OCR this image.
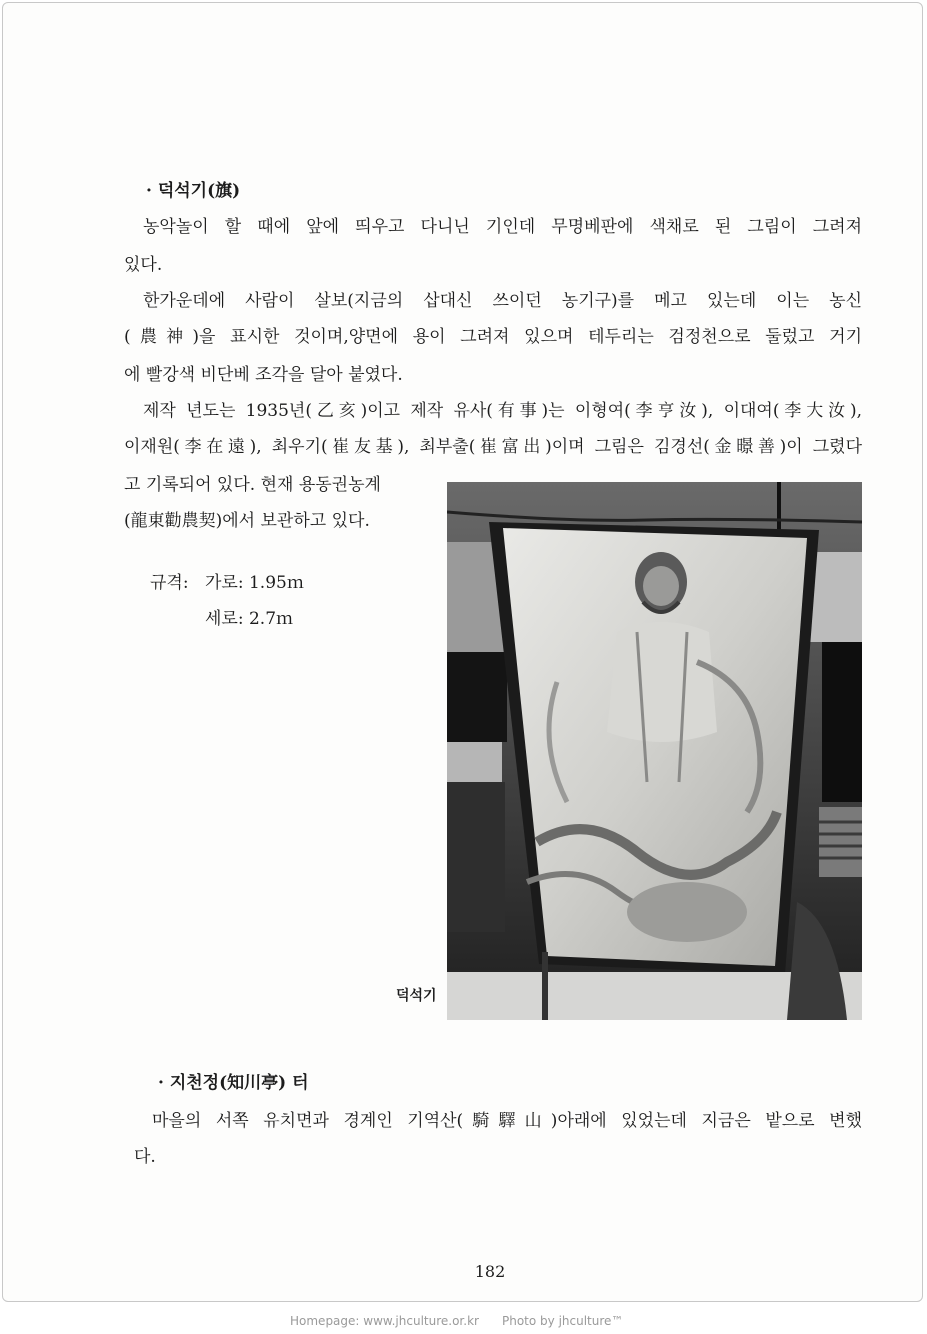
· 덕석기(旗)
농악놀이 할 때에 앞에 띄우고 다니닌 기인데 무명베판에 색채로 된 그림이 그려져
있다.
한가운데에 사람이 살보(지금의 삽대신 쓰이던 농기구)를 메고 있는데 이는 농신
(農神)을 표시한 것이며,양면에 용이 그려져 있으며 테두리는 검정천으로 둘렀고 거기
에 빨강색 비단베 조각을 달아 붙였다.
제작 년도는 1935년(乙亥)이고 제작 유사(有事)는 이형여(李亨汝), 이대여(李大汝),
이재원(李在遠), 최우기(崔友基), 최부출(崔富出)이며 그림은 김경선(金暻善)이 그렸다
고 기록되어 있다. 현재 용동권농계
(龍東勸農契)에서 보관하고 있다.
규격: 가로: 1.95ｍ
세로: 2.7ｍ
덕석기
· 지천정(知川亭) 터
마을의 서쪽 유치면과 경계인 기역산(騎驛山)아래에 있었는데 지금은 밭으로 변했
다.
182
Homepage: www.jhculture.or.kr Photo by jhculture™
